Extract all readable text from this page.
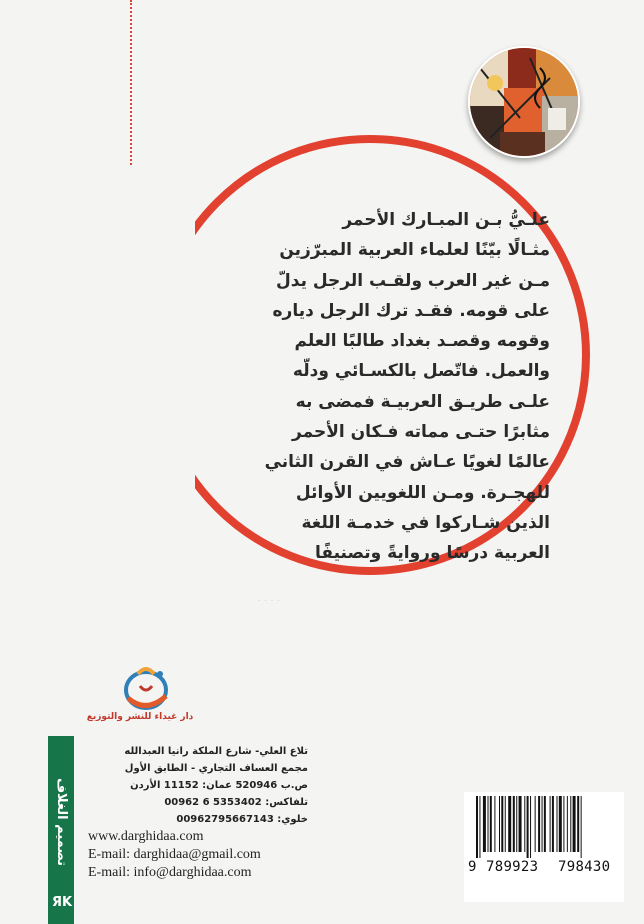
علـيُّ بـن المبـارك الأحمر
مثـالًا بيّنًا لعلماء العربية المبرّزين
مـن غير العرب ولقـب الرجل يدلّ
على قومه. فقـد ترك الرجل دياره
وقومه وقصـد بغداد طالبًا العلم
والعمل. فاتّصل بالكسـائي ودلّه
علـى طريـق العربيـة فمضى به
مثابرًا حتـى مماته فـكان الأحمر
عالمًا لغويًا عـاش في القرن الثاني
للهجـرة. ومـن اللغويين الأوائل
الذين شـاركوا في خدمـة اللغة
العربية درسًا وروايةً وتصنيفًا
· · · ·
دار غيداء للنشر والتوزيع
تصميم الغلاف
ЯK
تلاع العلي- شارع الملكة رانيا العبدالله
مجمع العساف التجاري - الطابق الأول
ص.ب 520946 عمان: 11152 الأردن
تلفاكس: 5353402 6 00962
خلوي: 00962795667143
www.darghidaa.com
E-mail: darghidaa@gmail.com
E-mail: info@darghidaa.com	9 789923 798430
